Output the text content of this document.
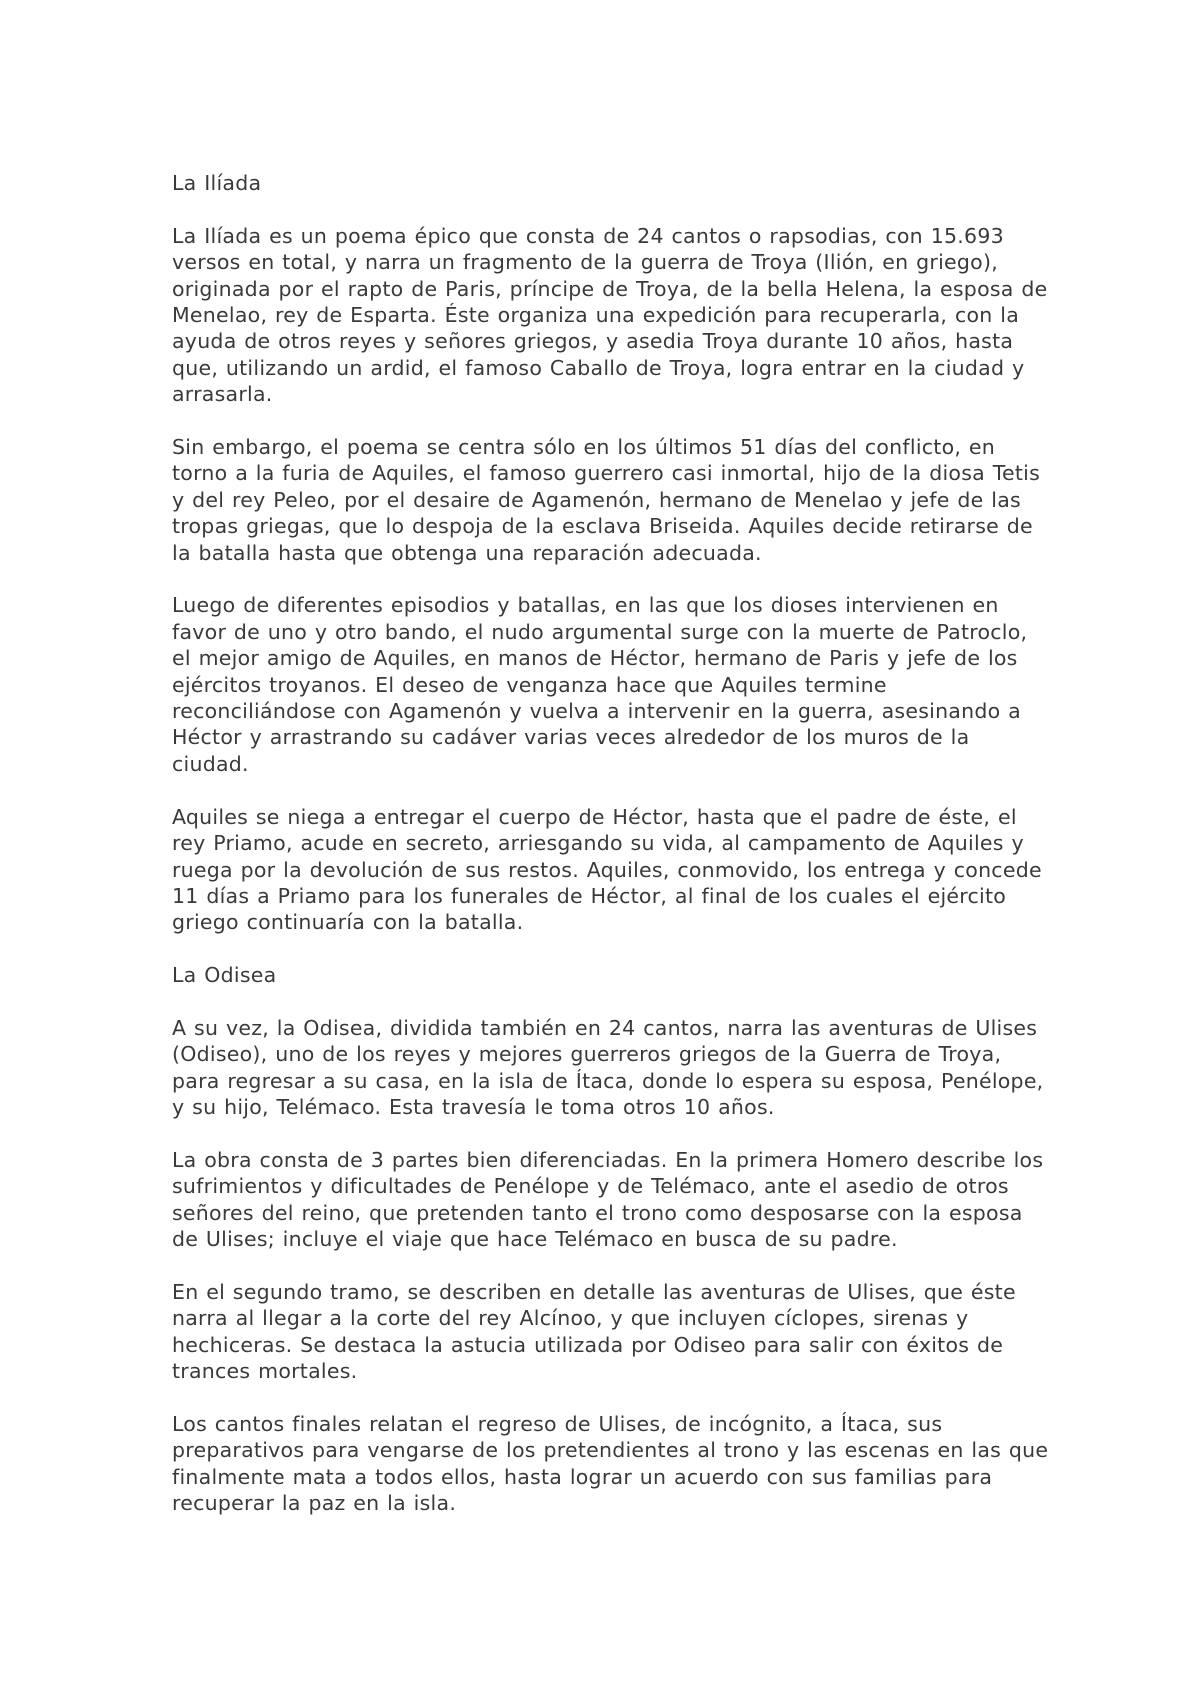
La Ilíada

La Ilíada es un poema épico que consta de 24 cantos o rapsodias, con 15.693 versos en total, y narra un fragmento de la guerra de Troya (Ilión, en griego), originada por el rapto de Paris, príncipe de Troya, de la bella Helena, la esposa de Menelao, rey de Esparta. Éste organiza una expedición para recuperarla, con la ayuda de otros reyes y señores griegos, y asedia Troya durante 10 años, hasta que, utilizando un ardid, el famoso Caballo de Troya, logra entrar en la ciudad y arrasarla.

Sin embargo, el poema se centra sólo en los últimos 51 días del conflicto, en torno a la furia de Aquiles, el famoso guerrero casi inmortal, hijo de la diosa Tetis y del rey Peleo, por el desaire de Agamenón, hermano de Menelao y jefe de las tropas griegas, que lo despoja de la esclava Briseida. Aquiles decide retirarse de la batalla hasta que obtenga una reparación adecuada.

Luego de diferentes episodios y batallas, en las que los dioses intervienen en favor de uno y otro bando, el nudo argumental surge con la muerte de Patroclo, el mejor amigo de Aquiles, en manos de Héctor, hermano de Paris y jefe de los ejércitos troyanos. El deseo de venganza hace que Aquiles termine reconciliándose con Agamenón y vuelva a intervenir en la guerra, asesinando a Héctor y arrastrando su cadáver varias veces alrededor de los muros de la ciudad.

Aquiles se niega a entregar el cuerpo de Héctor, hasta que el padre de éste, el rey Priamo, acude en secreto, arriesgando su vida, al campamento de Aquiles y ruega por la devolución de sus restos. Aquiles, conmovido, los entrega y concede 11 días a Priamo para los funerales de Héctor, al final de los cuales el ejército griego continuaría con la batalla.

La Odisea

A su vez, la Odisea, dividida también en 24 cantos, narra las aventuras de Ulises (Odiseo), uno de los reyes y mejores guerreros griegos de la Guerra de Troya, para regresar a su casa, en la isla de Ítaca, donde lo espera su esposa, Penélope, y su hijo, Telémaco. Esta travesía le toma otros 10 años.

La obra consta de 3 partes bien diferenciadas. En la primera Homero describe los sufrimientos y dificultades de Penélope y de Telémaco, ante el asedio de otros señores del reino, que pretenden tanto el trono como desposarse con la esposa de Ulises; incluye el viaje que hace Telémaco en busca de su padre.

En el segundo tramo, se describen en detalle las aventuras de Ulises, que éste narra al llegar a la corte del rey Alcínoo, y que incluyen cíclopes, sirenas y hechiceras. Se destaca la astucia utilizada por Odiseo para salir con éxitos de trances mortales.

Los cantos finales relatan el regreso de Ulises, de incógnito, a Ítaca, sus preparativos para vengarse de los pretendientes al trono y las escenas en las que finalmente mata a todos ellos, hasta lograr un acuerdo con sus familias para recuperar la paz en la isla.
